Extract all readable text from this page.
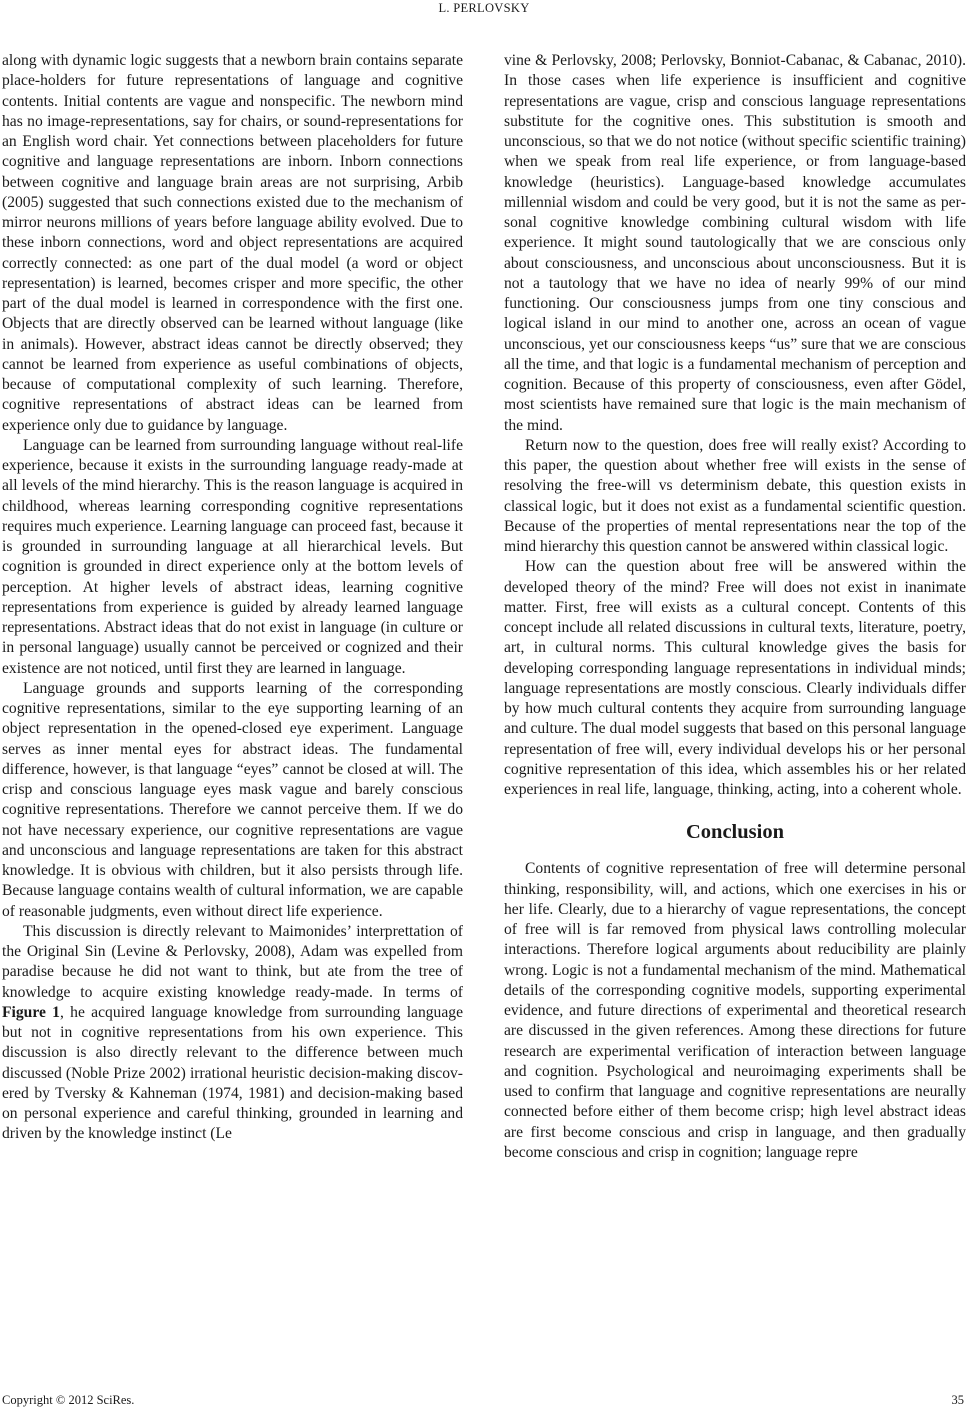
L. PERLOVSKY

along with dynamic logic suggests that a newborn brain contains separate place-holders for future representations of language and cognitive contents. Initial contents are vague and nonspecific. The newborn mind has no image-representations, say for chairs, or sound-representations for an English word chair. Yet connections between placeholders for future cognitive and language representations are inborn. Inborn connections between cognitive and language brain areas are not surprising, Arbib (2005) suggested that such connections existed due to the mechanism of mirror neurons millions of years before language ability evolved. Due to these inborn connections, word and object representations are acquired correctly connected: as one part of the dual model (a word or object representation) is learned, becomes crisper and more specific, the other part of the dual model is learned in correspondence with the first one. Objects that are directly observed can be learned without language (like in animals). However, abstract ideas cannot be directly observed; they cannot be learned from experience as useful combinations of objects, because of computational complexity of such learning. Therefore, cognitive representations of abstract ideas can be learned from experience only due to guidance by language.

Language can be learned from surrounding language without real-life experience, because it exists in the surrounding language ready-made at all levels of the mind hierarchy. This is the reason language is acquired in childhood, whereas learning corresponding cognitive representations requires much experience. Learning language can proceed fast, because it is grounded in surrounding language at all hierarchical levels. But cognition is grounded in direct experience only at the bottom levels of perception. At higher levels of abstract ideas, learning cognitive representations from experience is guided by already learned language representations. Abstract ideas that do not exist in language (in culture or in personal language) usually cannot be perceived or cognized and their existence are not noticed, until first they are learned in language.

Language grounds and supports learning of the corresponding cognitive representations, similar to the eye supporting learning of an object representation in the opened-closed eye experiment. Language serves as inner mental eyes for abstract ideas. The fundamental difference, however, is that language “eyes” cannot be closed at will. The crisp and conscious language eyes mask vague and barely conscious cognitive representations. Therefore we cannot perceive them. If we do not have necessary experience, our cognitive representations are vague and unconscious and language representations are taken for this abstract knowledge. It is obvious with children, but it also persists through life. Because language contains wealth of cultural information, we are capable of reasonable judgments, even without direct life experience.

This discussion is directly relevant to Maimonides’ interprettation of the Original Sin (Levine & Perlovsky, 2008), Adam was expelled from paradise because he did not want to think, but ate from the tree of knowledge to acquire existing knowledge ready-made. In terms of Figure 1, he acquired language knowledge from surrounding language but not in cognitive representations from his own experience. This discussion is also directly relevant to the difference between much discussed (Noble Prize 2002) irrational heuristic decision-making discovered by Tversky & Kahneman (1974, 1981) and decision-making based on personal experience and careful thinking, grounded in learning and driven by the knowledge instinct (Le

vine & Perlovsky, 2008; Perlovsky, Bonniot-Cabanac, & Cabanac, 2010). In those cases when life experience is insufficient and cognitive representations are vague, crisp and conscious language representations substitute for the cognitive ones. This substitution is smooth and unconscious, so that we do not notice (without specific scientific training) when we speak from real life experience, or from language-based knowledge (heuristics). Language-based knowledge accumulates millennial wisdom and could be very good, but it is not the same as personal cognitive knowledge combining cultural wisdom with life experience. It might sound tautologically that we are conscious only about consciousness, and unconscious about unconsciousness. But it is not a tautology that we have no idea of nearly 99% of our mind functioning. Our consciousness jumps from one tiny conscious and logical island in our mind to another one, across an ocean of vague unconscious, yet our consciousness keeps “us” sure that we are conscious all the time, and that logic is a fundamental mechanism of perception and cognition. Because of this property of consciousness, even after Gödel, most scientists have remained sure that logic is the main mechanism of the mind.

Return now to the question, does free will really exist? According to this paper, the question about whether free will exists in the sense of resolving the free-will vs determinism debate, this question exists in classical logic, but it does not exist as a fundamental scientific question. Because of the properties of mental representations near the top of the mind hierarchy this question cannot be answered within classical logic.

How can the question about free will be answered within the developed theory of the mind? Free will does not exist in inanimate matter. First, free will exists as a cultural concept. Contents of this concept include all related discussions in cultural texts, literature, poetry, art, in cultural norms. This cultural knowledge gives the basis for developing corresponding language representations in individual minds; language representations are mostly conscious. Clearly individuals differ by how much cultural contents they acquire from surrounding language and culture. The dual model suggests that based on this personal language representation of free will, every individual develops his or her personal cognitive representation of this idea, which assembles his or her related experiences in real life, language, thinking, acting, into a coherent whole.

Conclusion

Contents of cognitive representation of free will determine personal thinking, responsibility, will, and actions, which one exercises in his or her life. Clearly, due to a hierarchy of vague representations, the concept of free will is far removed from physical laws controlling molecular interactions. Therefore logical arguments about reducibility are plainly wrong. Logic is not a fundamental mechanism of the mind. Mathematical details of the corresponding cognitive models, supporting experimental evidence, and future directions of experimental and theoretical research are discussed in the given references. Among these directions for future research are experimental verification of interaction between language and cognition. Psychological and neuroimaging experiments shall be used to confirm that language and cognitive representations are neurally connected before either of them become crisp; high level abstract ideas are first become conscious and crisp in language, and then gradually become conscious and crisp in cognition; language repre

Copyright © 2012 SciRes.	35
